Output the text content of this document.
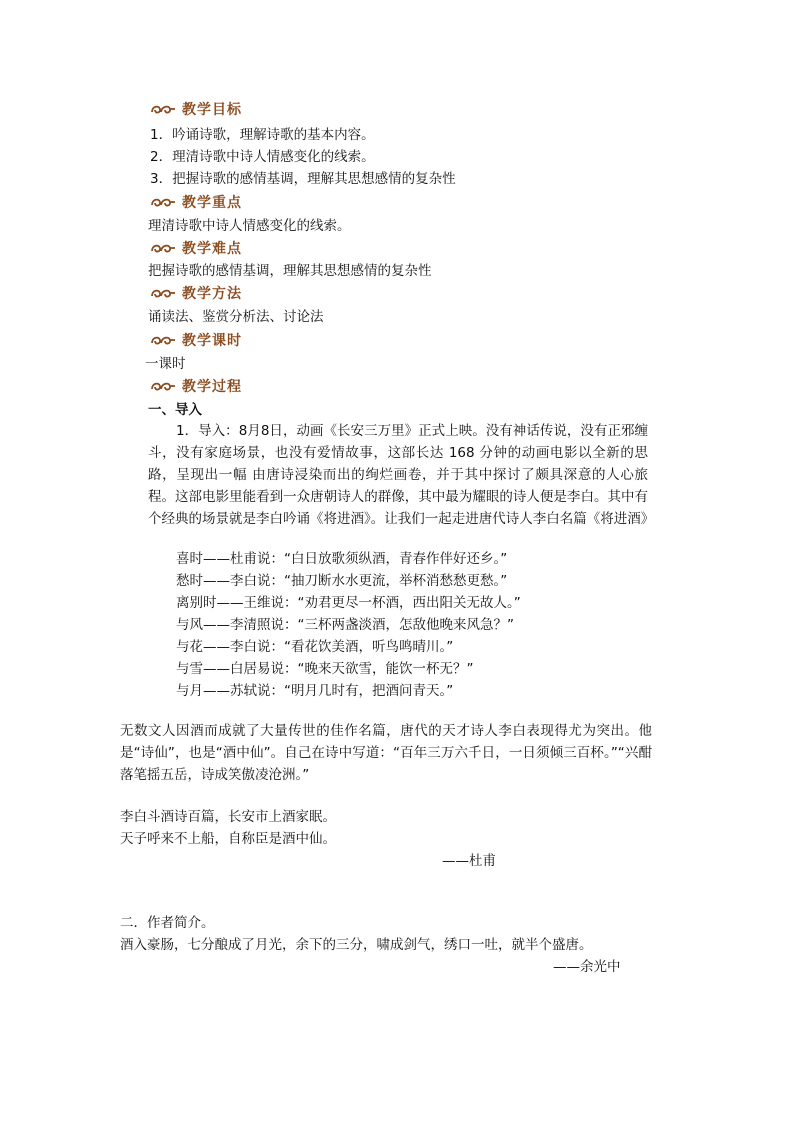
教学目标
1．吟诵诗歌，理解诗歌的基本内容。
2．理清诗歌中诗人情感变化的线索。
3．把握诗歌的感情基调，理解其思想感情的复杂性
教学重点
理清诗歌中诗人情感变化的线索。
教学难点
把握诗歌的感情基调，理解其思想感情的复杂性
教学方法
诵读法、鉴赏分析法、讨论法
教学课时
一课时
教学过程
一、导入
1．导入：8月8日，动画《长安三万里》正式上映。没有神话传说，没有正邪缠斗，没有家庭场景，也没有爱情故事，这部长达 168 分钟的动画电影以全新的思路，呈现出一幅 由唐诗浸染而出的绚烂画卷，并于其中探讨了颇具深意的人心旅程。这部电影里能看到一众唐朝诗人的群像，其中最为耀眼的诗人便是李白。其中有个经典的场景就是李白吟诵《将进酒》。让我们一起走进唐代诗人李白名篇《将进酒》
喜时——杜甫说：“白日放歌须纵酒，青春作伴好还乡。”
愁时——李白说：“抽刀断水水更流，举杯消愁愁更愁。”
离别时——王维说：“劝君更尽一杯酒，西出阳关无故人。”
与风——李清照说：“三杯两盏淡酒，怎敌他晚来风急？”
与花——李白说：“看花饮美酒，听鸟鸣晴川。”
与雪——白居易说：“晚来天欲雪，能饮一杯无？”
与月——苏轼说：“明月几时有，把酒问青天。”
无数文人因酒而成就了大量传世的佳作名篇，唐代的天才诗人李白表现得尤为突出。他是“诗仙”，也是“酒中仙”。自己在诗中写道：“百年三万六千日，一日须倾三百杯。”“兴酣落笔摇五岳，诗成笑傲凌沧洲。”
李白斗酒诗百篇，长安市上酒家眠。
天子呼来不上船，自称臣是酒中仙。
——杜甫
二．作者简介。
酒入豪肠，七分酿成了月光，余下的三分，啸成剑气，绣口一吐，就半个盛唐。
——余光中
